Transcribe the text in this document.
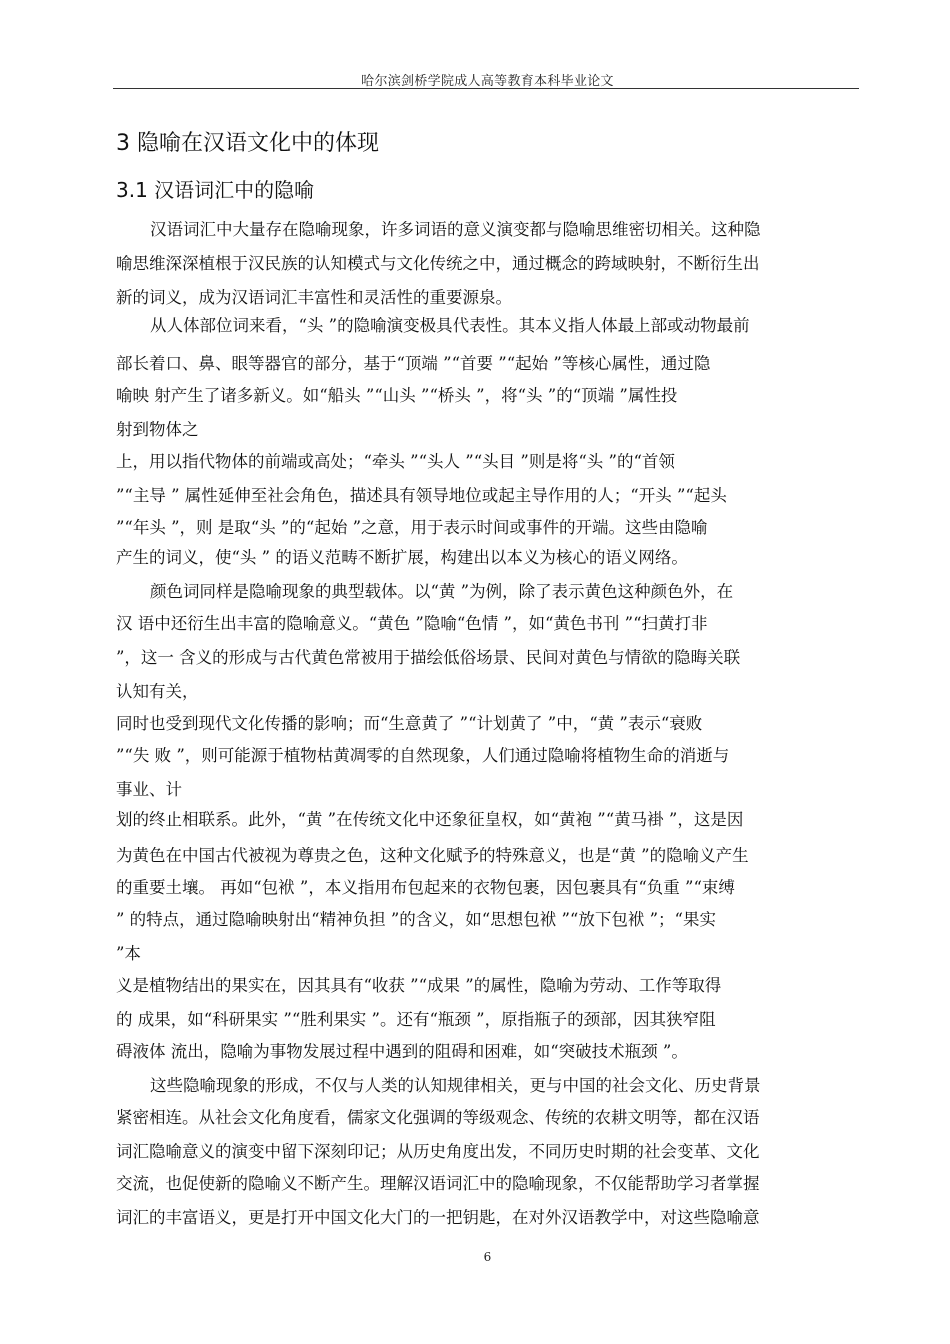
哈尔滨剑桥学院成人高等教育本科毕业论文
3 隐喻在汉语文化中的体现
3.1 汉语词汇中的隐喻
汉语词汇中大量存在隐喻现象，许多词语的意义演变都与隐喻思维密切相关。这种隐
喻思维深深植根于汉民族的认知模式与文化传统之中，通过概念的跨域映射，不断衍生出
新的词义，成为汉语词汇丰富性和灵活性的重要源泉。
从人体部位词来看，“头 ”的隐喻演变极具代表性。其本义指人体最上部或动物最前
部长着口、鼻、眼等器官的部分，基于“顶端 ”“首要 ”“起始 ”等核心属性，通过隐
喻映 射产生了诸多新义。如“船头 ”“山头 ”“桥头 ”，将“头 ”的“顶端 ”属性投
射到物体之
上，用以指代物体的前端或高处；“牵头 ”“头人 ”“头目 ”则是将“头 ”的“首领
”“主导 ” 属性延伸至社会角色，描述具有领导地位或起主导作用的人；“开头 ”“起头
”“年头 ”，则 是取“头 ”的“起始 ”之意，用于表示时间或事件的开端。这些由隐喻
产生的词义，使“头 ” 的语义范畴不断扩展，构建出以本义为核心的语义网络。
颜色词同样是隐喻现象的典型载体。以“黄 ”为例，除了表示黄色这种颜色外，在
汉 语中还衍生出丰富的隐喻意义。“黄色 ”隐喻“色情 ”，如“黄色书刊 ”“扫黄打非
”，这一 含义的形成与古代黄色常被用于描绘低俗场景、民间对黄色与情欲的隐晦关联
认知有关，
同时也受到现代文化传播的影响；而“生意黄了 ”“计划黄了 ”中，“黄 ”表示“衰败
”“失 败 ”，则可能源于植物枯黄凋零的自然现象，人们通过隐喻将植物生命的消逝与
事业、计
划的终止相联系。此外，“黄 ”在传统文化中还象征皇权，如“黄袍 ”“黄马褂 ”，这是因
为黄色在中国古代被视为尊贵之色，这种文化赋予的特殊意义，也是“黄 ”的隐喻义产生
的重要土壤。 再如“包袱 ”，本义指用布包起来的衣物包裹，因包裹具有“负重 ”“束缚
” 的特点，通过隐喻映射出“精神负担 ”的含义，如“思想包袱 ”“放下包袱 ”；“果实
”本
义是植物结出的果实在，因其具有“收获 ”“成果 ”的属性，隐喻为劳动、工作等取得
的 成果，如“科研果实 ”“胜利果实 ”。还有“瓶颈 ”，原指瓶子的颈部，因其狭窄阻
碍液体 流出，隐喻为事物发展过程中遇到的阻碍和困难，如“突破技术瓶颈 ”。
这些隐喻现象的形成，不仅与人类的认知规律相关，更与中国的社会文化、历史背景
紧密相连。从社会文化角度看，儒家文化强调的等级观念、传统的农耕文明等，都在汉语
词汇隐喻意义的演变中留下深刻印记；从历史角度出发，不同历史时期的社会变革、文化
交流，也促使新的隐喻义不断产生。理解汉语词汇中的隐喻现象，不仅能帮助学习者掌握
词汇的丰富语义，更是打开中国文化大门的一把钥匙，在对外汉语教学中，对这些隐喻意
6
